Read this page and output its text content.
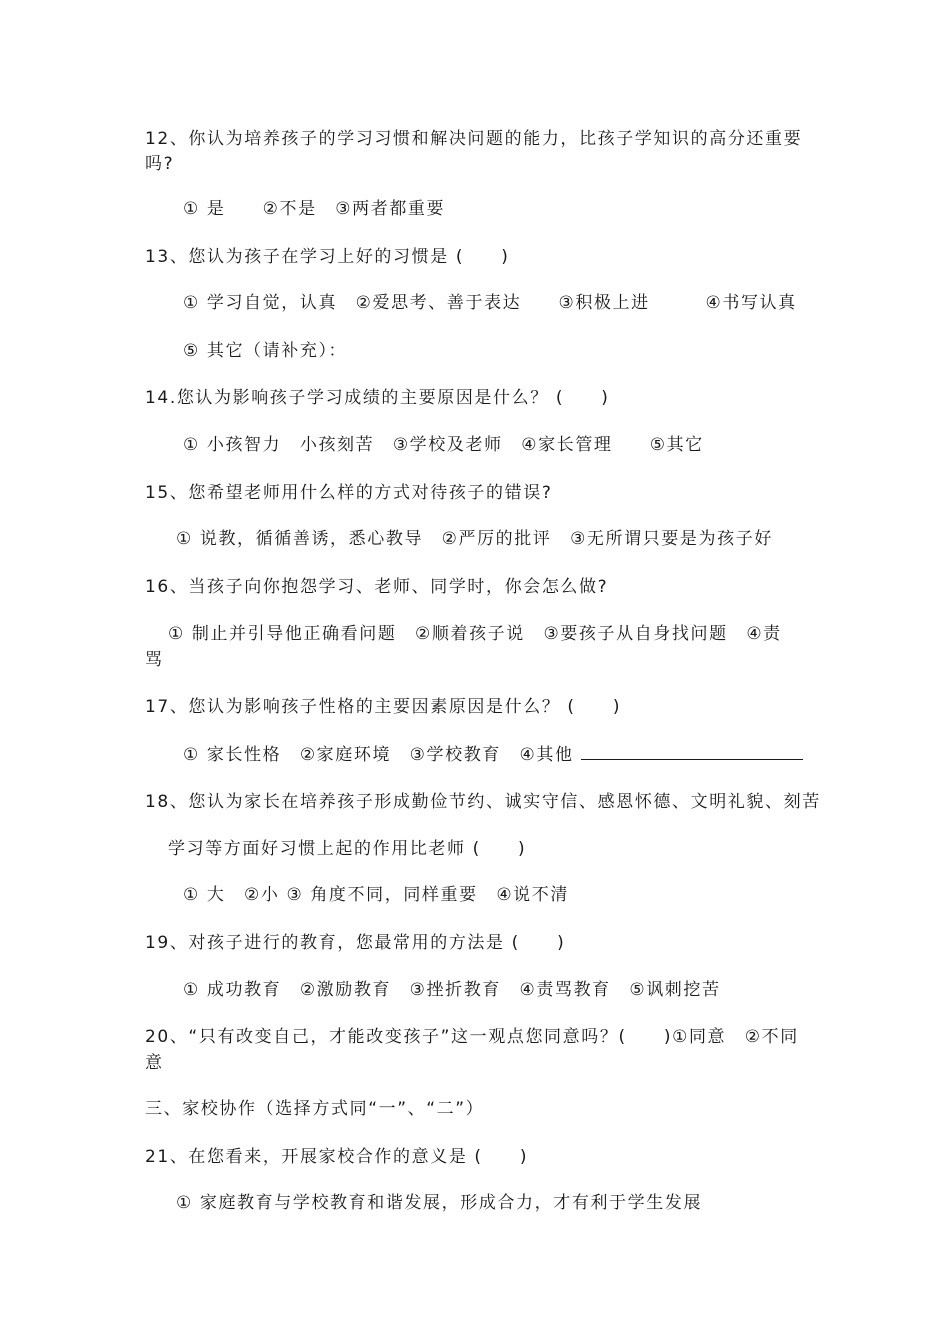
12、你认为培养孩子的学习习惯和解决问题的能力，比孩子学知识的高分还重要
吗?
① 是　　②不是　③两者都重要
13、您认为孩子在学习上好的习惯是 (　　)
① 学习自觉，认真　②爱思考、善于表达　　③积极上进　　　④书写认真
⑤ 其它（请补充）：
14.您认为影响孩子学习成绩的主要原因是什么？ (　　)
① 小孩智力　小孩刻苦　③学校及老师　④家长管理　　⑤其它
15、您希望老师用什么样的方式对待孩子的错误?
① 说教，循循善诱，悉心教导　②严厉的批评　③无所谓只要是为孩子好
16、当孩子向你抱怨学习、老师、同学时，你会怎么做?
① 制止并引导他正确看问题　②顺着孩子说　③要孩子从自身找问题　④责
骂
17、您认为影响孩子性格的主要因素原因是什么？ (　　)
① 家长性格　②家庭环境　③学校教育　④其他
18、您认为家长在培养孩子形成勤俭节约、诚实守信、感恩怀德、文明礼貌、刻苦
学习等方面好习惯上起的作用比老师 (　　)
① 大　②小 ③ 角度不同，同样重要　④说不清
19、对孩子进行的教育，您最常用的方法是 (　　)
① 成功教育　②激励教育　③挫折教育　④责骂教育　⑤讽刺挖苦
20、“只有改变自己，才能改变孩子”这一观点您同意吗？(　　)①同意　②不同
意
三、家校协作（选择方式同“一”、“二”）
21、在您看来，开展家校合作的意义是 (　　)
① 家庭教育与学校教育和谐发展，形成合力，才有利于学生发展
